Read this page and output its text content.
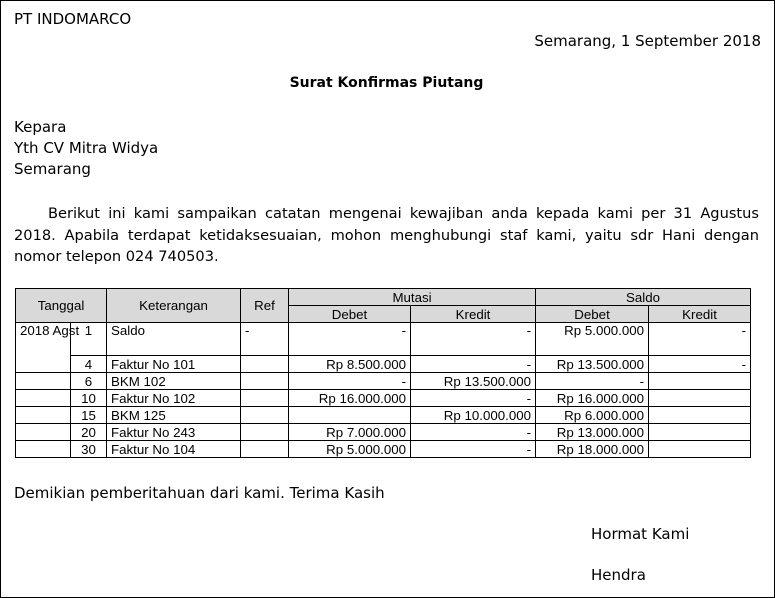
PT INDOMARCO
Semarang, 1 September 2018
Surat Konfirmas Piutang
Kepara
Yth CV Mitra Widya
Semarang
Berikut ini kami sampaikan catatan mengenai kewajiban anda kepada kami per 31 Agustus 2018. Apabila terdapat ketidaksesuaian, mohon menghubungi staf kami, yaitu sdr Hani dengan nomor telepon 024 740503.
Tanggal		Keterangan	Ref	Mutasi		Saldo	
				Debet	Kredit	Debet	Kredit
2018 Agst	1	Saldo	-	-	-	Rp 5.000.000	-
	4	Faktur No 101		Rp 8.500.000	-	Rp 13.500.000	-
	6	BKM 102		-	Rp 13.500.000	-	
	10	Faktur No 102		Rp 16.000.000	-	Rp 16.000.000	
	15	BKM 125			Rp 10.000.000	Rp 6.000.000	
	20	Faktur No 243		Rp 7.000.000	-	Rp 13.000.000	
	30	Faktur No 104		Rp 5.000.000	-	Rp 18.000.000	
Demikian pemberitahuan dari kami. Terima Kasih
Hormat Kami
Hendra
